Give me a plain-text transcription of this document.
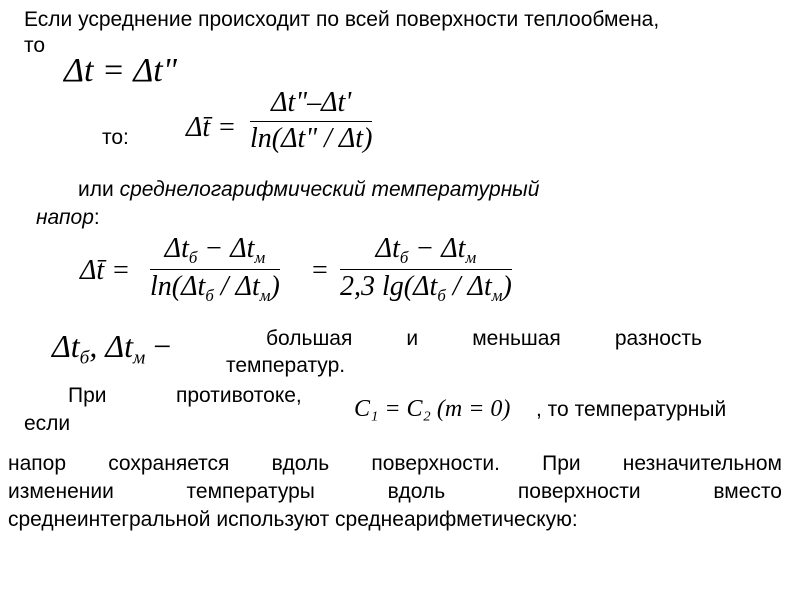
Если усреднение происходит по всей поверхности теплообмена,
то
Δt = Δt"
то: Δt̄ =
Δt"–Δt'
ln(Δt" / Δt)
или среднелогарифмический температурный
напор:
Δt̄ =
$\Delta t_б - \Delta t_м$
$\ln(\Delta t_б / \Delta t_м)$
=
$\Delta t_б - \Delta t_м$
2,3 $\lg(\Delta t_б / \Delta t_м)$
$\Delta t_б$, $\Delta t_м$ −	большая	и	меньшая	разность
температур.
При	противотоке,
если
C₁ = C₂ (m = 0) , то температурный
напор сохраняется вдоль поверхности. При незначительном
изменении	температуры	вдоль	поверхности	вместо
среднеинтегральной используют среднеарифметическую:
